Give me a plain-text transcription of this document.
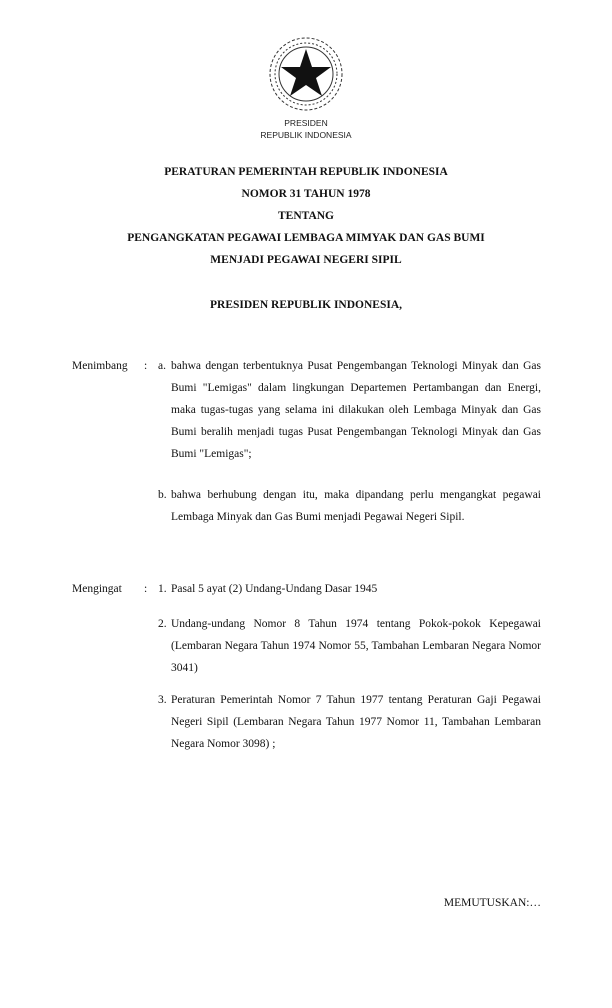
PRESIDEN
REPUBLIK INDONESIA
PERATURAN PEMERINTAH REPUBLIK INDONESIA
NOMOR 31 TAHUN 1978
TENTANG
PENGANGKATAN PEGAWAI LEMBAGA MIMYAK DAN GAS BUMI
MENJADI PEGAWAI NEGERI SIPIL
PRESIDEN REPUBLIK INDONESIA,
Menimbang : a. bahwa dengan terbentuknya Pusat Pengembangan Teknologi Minyak dan Gas Bumi "Lemigas" dalam lingkungan Departemen Pertambangan dan Energi, maka tugas-tugas yang selama ini dilakukan oleh Lembaga Minyak dan Gas Bumi beralih menjadi tugas Pusat Pengembangan Teknologi Minyak dan Gas Bumi "Lemigas";
b. bahwa berhubung dengan itu, maka dipandang perlu mengangkat pegawai Lembaga Minyak dan Gas Bumi menjadi Pegawai Negeri Sipil.
Mengingat : 1. Pasal 5 ayat (2) Undang-Undang Dasar 1945
2. Undang-undang Nomor 8 Tahun 1974 tentang Pokok-pokok Kepegawai (Lembaran Negara Tahun 1974 Nomor 55, Tambahan Lembaran Negara Nomor 3041)
3. Peraturan Pemerintah Nomor 7 Tahun 1977 tentang Peraturan Gaji Pegawai Negeri Sipil (Lembaran Negara Tahun 1977 Nomor 11, Tambahan Lembaran Negara Nomor 3098) ;
MEMUTUSKAN:…
